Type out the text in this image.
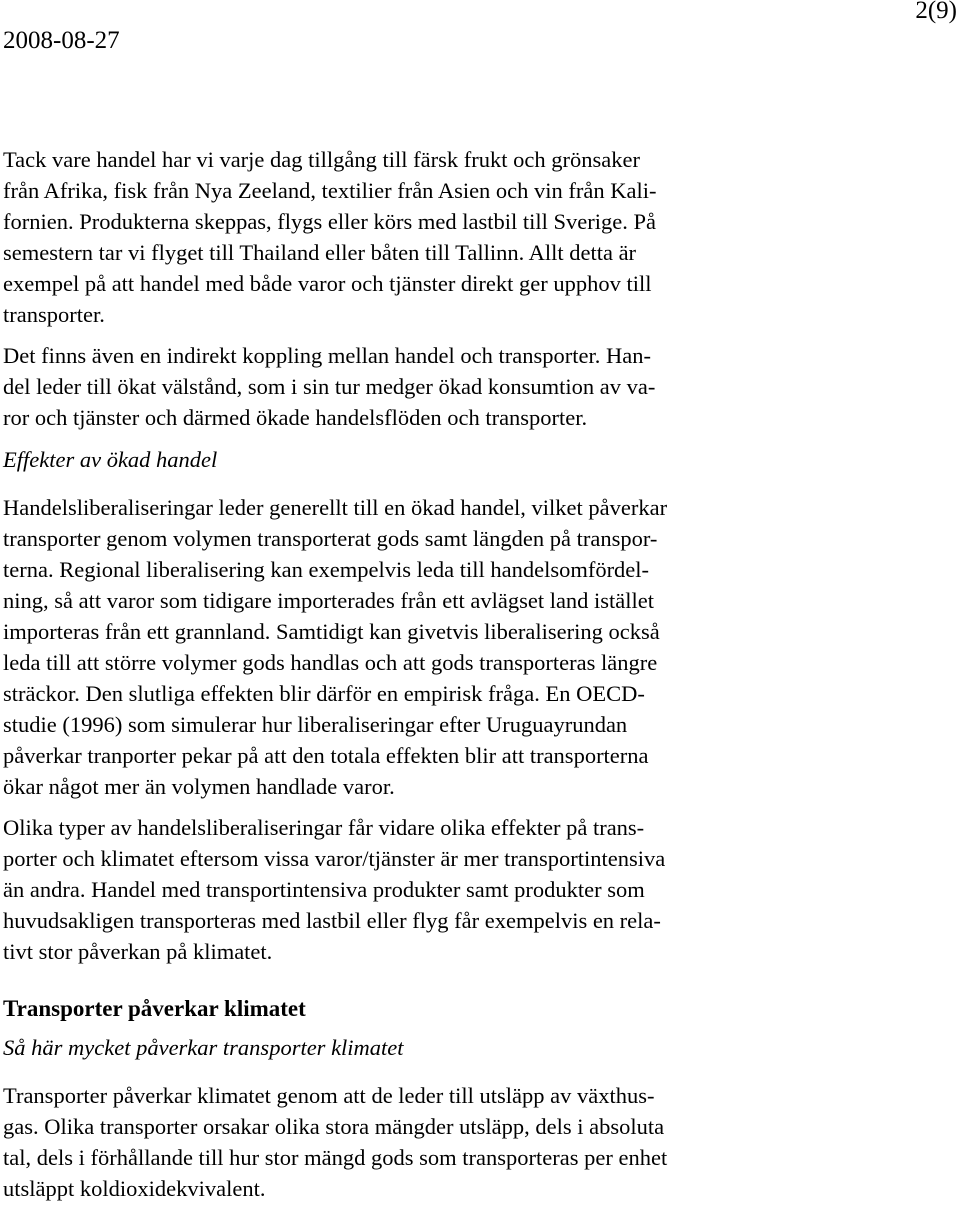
2008-08-27
2(9)
Tack vare handel har vi varje dag tillgång till färsk frukt och grönsaker
från Afrika, fisk från Nya Zeeland, textilier från Asien och vin från Kali-
fornien. Produkterna skeppas, flygs eller körs med lastbil till Sverige. På
semestern tar vi flyget till Thailand eller båten till Tallinn. Allt detta är
exempel på att handel med både varor och tjänster direkt ger upphov till
transporter.
Det finns även en indirekt koppling mellan handel och transporter. Han-
del leder till ökat välstånd, som i sin tur medger ökad konsumtion av va-
ror och tjänster och därmed ökade handelsflöden och transporter.
Effekter av ökad handel
Handelsliberaliseringar leder generellt till en ökad handel, vilket påverkar
transporter genom volymen transporterat gods samt längden på transpor-
terna. Regional liberalisering kan exempelvis leda till handelsomfördel-
ning, så att varor som tidigare importerades från ett avlägset land istället
importeras från ett grannland. Samtidigt kan givetvis liberalisering också
leda till att större volymer gods handlas och att gods transporteras längre
sträckor. Den slutliga effekten blir därför en empirisk fråga. En OECD-
studie (1996) som simulerar hur liberaliseringar efter Uruguayrundan
påverkar tranporter pekar på att den totala effekten blir att transporterna
ökar något mer än volymen handlade varor.
Olika typer av handelsliberaliseringar får vidare olika effekter på trans-
porter och klimatet eftersom vissa varor/tjänster är mer transportintensiva
än andra. Handel med transportintensiva produkter samt produkter som
huvudsakligen transporteras med lastbil eller flyg får exempelvis en rela-
tivt stor påverkan på klimatet.
Transporter påverkar klimatet
Så här mycket påverkar transporter klimatet
Transporter påverkar klimatet genom att de leder till utsläpp av växthus-
gas. Olika transporter orsakar olika stora mängder utsläpp, dels i absoluta
tal, dels i förhållande till hur stor mängd gods som transporteras per enhet
utsläppt koldioxidekvivalent.
